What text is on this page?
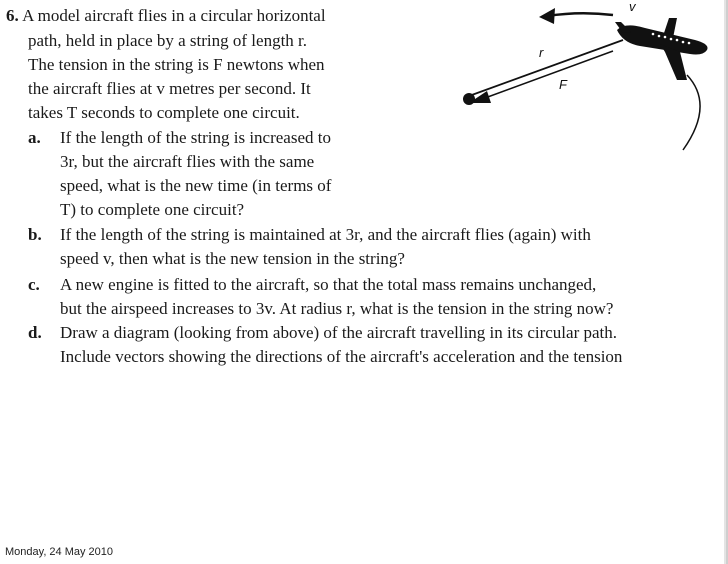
6. A model aircraft flies in a circular horizontal
path, held in place by a string of length r.
The tension in the string is F newtons when
the aircraft flies at v metres per second. It
takes T seconds to complete one circuit.
a. If the length of the string is increased to
3r, but the aircraft flies with the same
speed, what is the new time (in terms of
T) to complete one circuit?
b. If the length of the string is maintained at 3r, and the aircraft flies (again) with
speed v, then what is the new tension in the string?
c. A new engine is fitted to the aircraft, so that the total mass remains unchanged,
but the airspeed increases to 3v. At radius r, what is the tension in the string now?
d. Draw a diagram (looking from above) of the aircraft travelling in its circular path.
Include vectors showing the directions of the aircraft's acceleration and the tension
v
r
F
Monday, 24 May 2010
